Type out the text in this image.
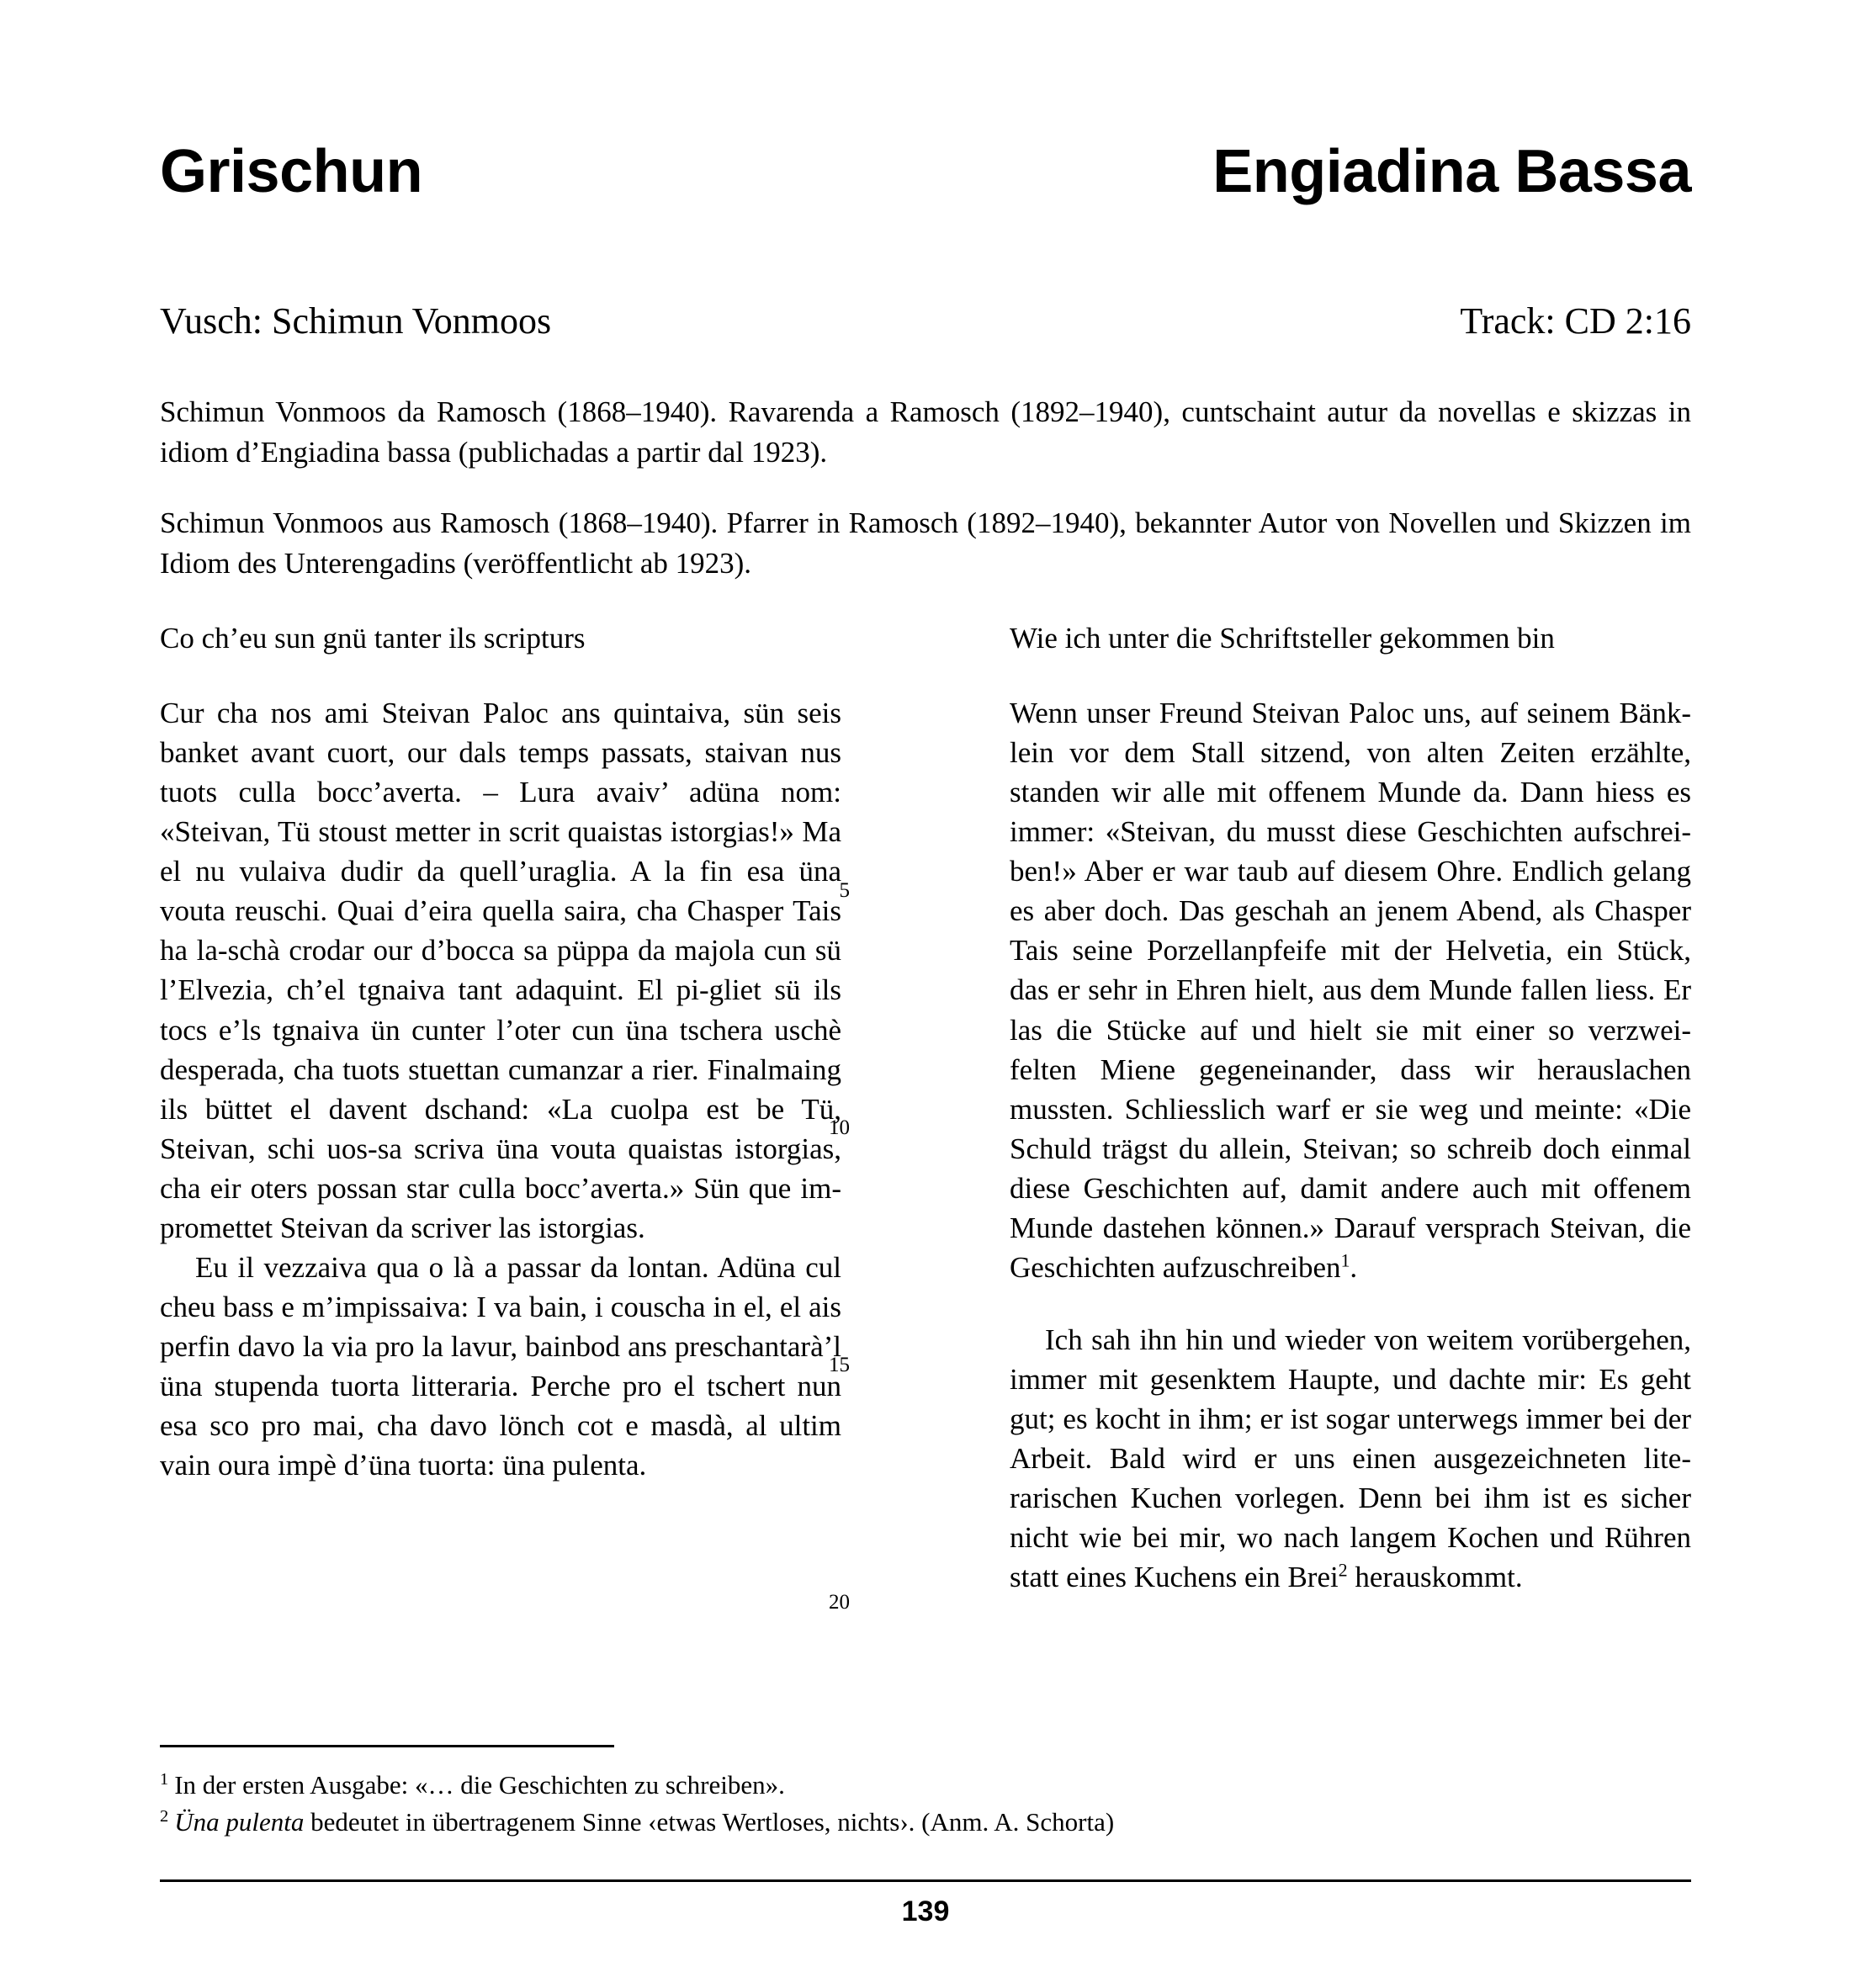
Grischun	Engiadina Bassa
Vusch: Schimun Vonmoos	Track: CD 2:16
Schimun Vonmoos da Ramosch (1868–1940). Ravarenda a Ramosch (1892–1940), cuntschaint autur da novellas e skizzas in idiom d’Engiadina bassa (publichadas a partir dal 1923).
Schimun Vonmoos aus Ramosch (1868–1940). Pfarrer in Ramosch (1892–1940), bekannter Autor von Novellen und Skizzen im Idiom des Unterengadins (veröffentlicht ab 1923).
Co ch’eu sun gnü tanter ils scripturs

Cur cha nos ami Steivan Paloc ans quintaiva, sün seis banket avant cuort, our dals temps passats, staivan nus tuots culla bocc’averta. – Lura avaiv’ adüna nom: «Steivan, Tü stoust metter in scrit quaistas istorgias!» Ma el nu vulaiva dudir da quell’uraglia. A la fin esa üna vouta reuschi. Quai d’eira quella saira, cha Chasper Tais ha la-schà crodar our d’bocca sa püppa da majola cun sü l’Elvezia, ch’el tgnaiva tant adaquint. El pi-gliet sü ils tocs e’ls tgnaiva ün cunter l’oter cun üna tschera uschè desperada, cha tuots stuettan cumanzar a rier. Finalmaing ils büttet el davent dschand: «La cuolpa est be Tü, Steivan, schi uos-sa scriva üna vouta quaistas istorgias, cha eir oters possan star culla bocc’averta.» Sün que im-promettet Steivan da scriver las istorgias.

Eu il vezzaiva qua o là a passar da lontan. Adüna cul cheu bass e m’impissaiva: I va bain, i couscha in el, el ais perfin davo la via pro la lavur, bainbod ans preschantarà’l üna stupenda tuorta litteraria. Perche pro el tschert nun esa sco pro mai, cha davo lönch cot e masdà, al ultim vain oura impè d’üna tuorta: üna pulenta.

Wie ich unter die Schriftsteller gekommen bin

Wenn unser Freund Steivan Paloc uns, auf seinem Bänk-lein vor dem Stall sitzend, von alten Zeiten erzählte, standen wir alle mit offenem Munde da. Dann hiess es immer: «Steivan, du musst diese Geschichten aufschrei-ben!» Aber er war taub auf diesem Ohre. Endlich gelang es aber doch. Das geschah an jenem Abend, als Chasper Tais seine Porzellanpfeife mit der Helvetia, ein Stück, das er sehr in Ehren hielt, aus dem Munde fallen liess. Er las die Stücke auf und hielt sie mit einer so verzwei-felten Miene gegeneinander, dass wir herauslachen mussten. Schliesslich warf er sie weg und meinte: «Die Schuld trägst du allein, Steivan; so schreib doch einmal diese Geschichten auf, damit andere auch mit offenem Munde dastehen können.» Darauf versprach Steivan, die Geschichten aufzuschreiben$^1$.

Ich sah ihn hin und wieder von weitem vorübergehen, immer mit gesenktem Haupte, und dachte mir: Es geht gut; es kocht in ihm; er ist sogar unterwegs immer bei der Arbeit. Bald wird er uns einen ausgezeichneten lite-rarischen Kuchen vorlegen. Denn bei ihm ist es sicher nicht wie bei mir, wo nach langem Kochen und Rühren statt eines Kuchens ein Brei$^2$ herauskommt.

5
10
15
20

$^1$ In der ersten Ausgabe: «… die Geschichten zu schreiben».

$^2$ Üna pulenta bedeutet in übertragenem Sinne ‹etwas Wertloses, nichts›. (Anm. A. Schorta)

139
